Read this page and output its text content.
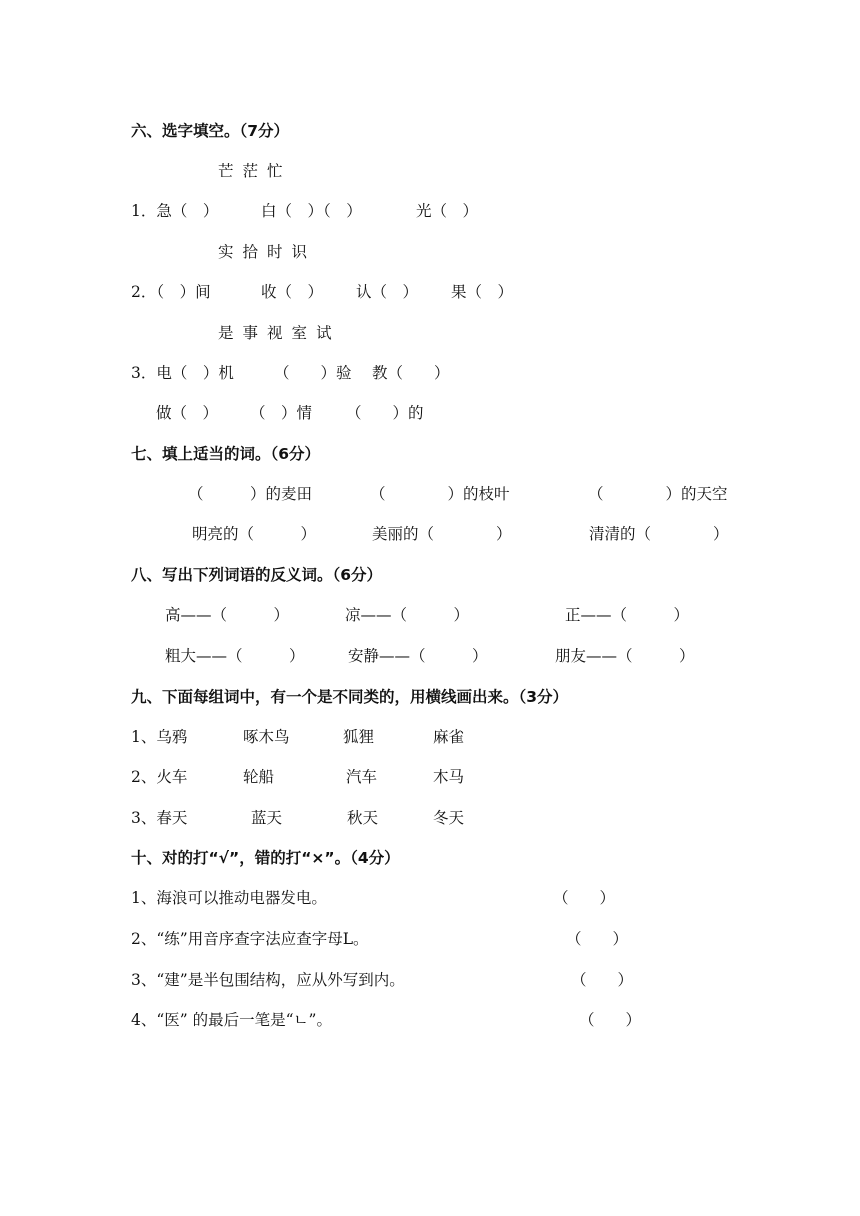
六、选字填空。（7分）
芒 茫 忙
1．急（　）	白（　）（　）	光（　）
实 拾 时 识
2．（　）间	收（　） 认（　） 果（　）
是 事 视 室 试
3．电（　）机	（　　）验 教（　　）
做（　） （　）情 （　　）的
七、填上适当的词。（6分）
（　　　）的麦田	（　　　　）的枝叶	（　　　　）的天空
明亮的（　　　）	美丽的（　　　　）	清清的（　　　　）
八、写出下列词语的反义词。（6分）
高——（　　　）	凉——（　　　）	正——（　　　）
粗大——（　　　）	安静——（　　　）	朋友——（　　　）
九、下面每组词中，有一个是不同类的，用横线画出来。（3分）
1、乌鸦	啄木鸟	狐狸	麻雀
2、火车	轮船	汽车	木马
3、春天	蓝天	秋天	冬天
十、对的打“√”，错的打“×”。（4分）
1、海浪可以推动电器发电。	（　　）
2、“练”用音序查字法应查字母L。	（　　）
3、“建”是半包围结构，应从外写到内。	（　　）
4、“医” 的最后一笔是“ㄴ”。	（　　）
